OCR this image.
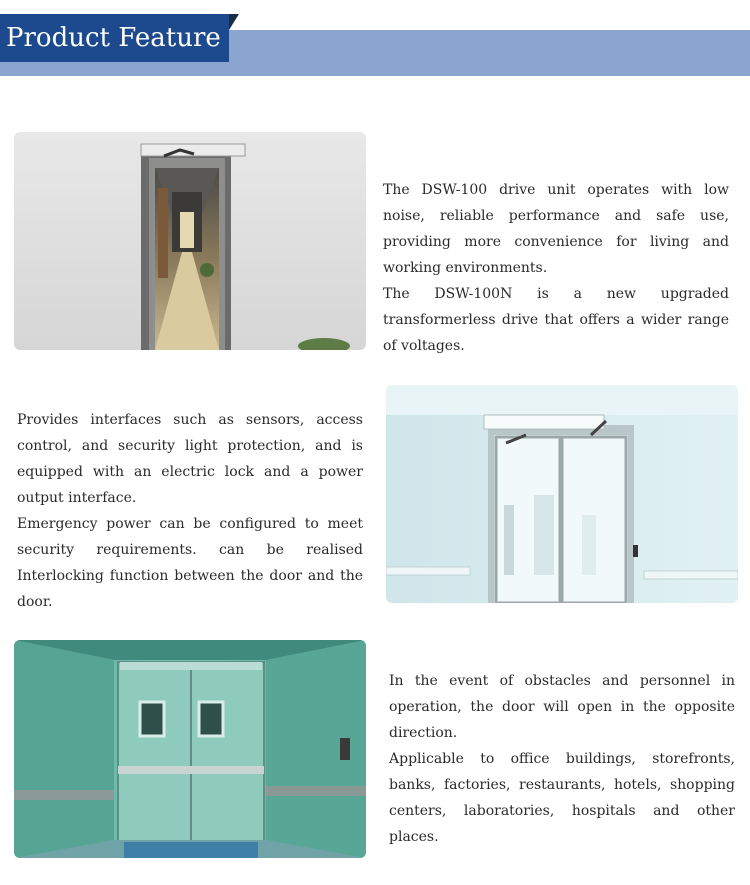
Product Feature

The DSW-100 drive unit operates with low noise, reliable performance and safe use, providing more convenience for living and working environments.

The DSW-100N is a new upgraded transformerless drive that offers a wider range of voltages.

Provides interfaces such as sensors, access control, and security light protection, and is equipped with an electric lock and a power output interface.

Emergency power can be configured to meet security requirements. can be realised Interlocking function between the door and the door.

In the event of obstacles and personnel in operation, the door will open in the opposite direction.

Applicable to office buildings, storefronts, banks, factories, restaurants, hotels, shopping centers, laboratories, hospitals and other places.
